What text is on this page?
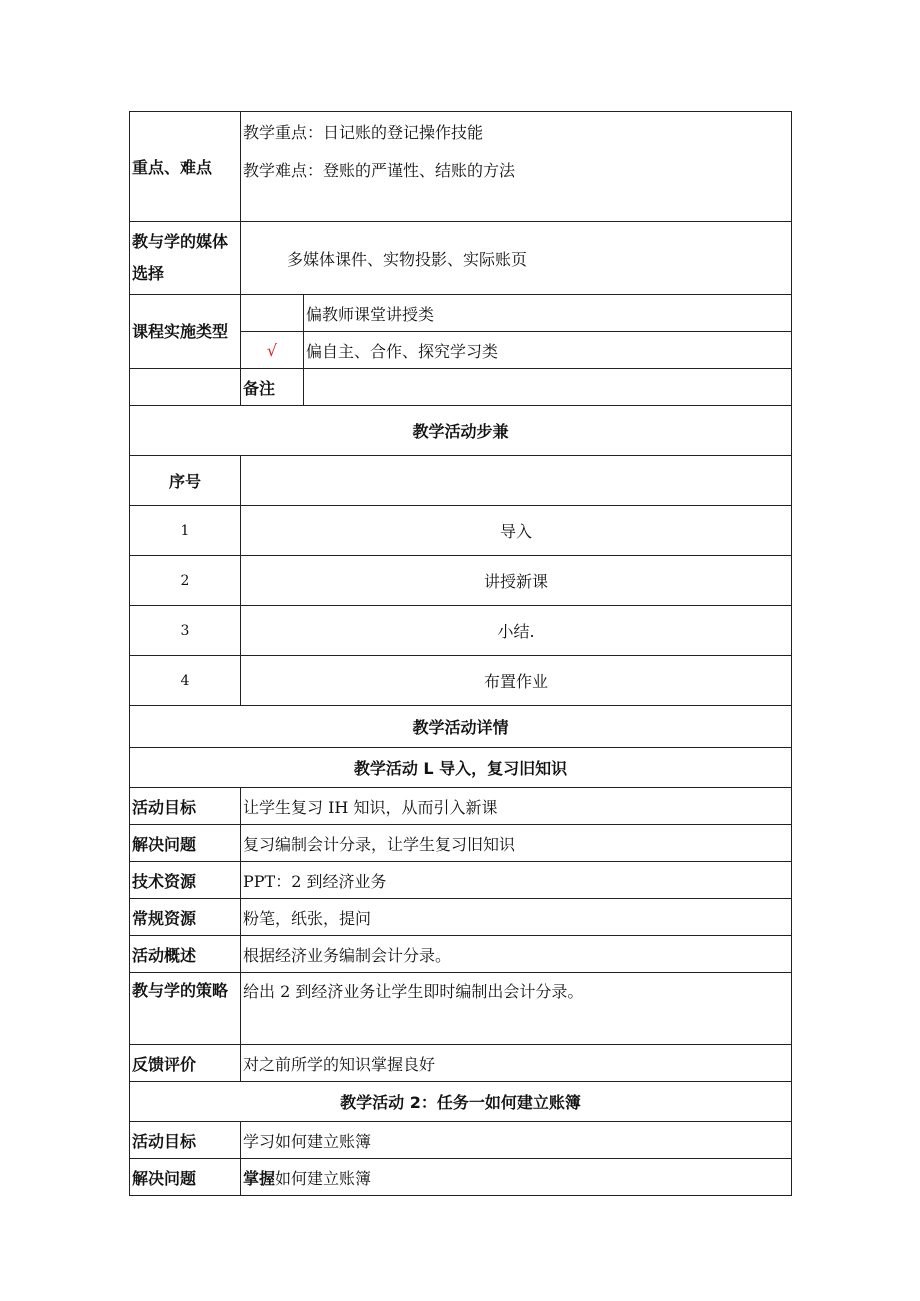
重点、难点	教学重点：日记账的登记操作技能
教学难点：登账的严谨性、结账的方法	

教与学的媒体选择	多媒体课件、实物投影、实际账页	
课程实施类型		偏教师课堂讲授类
	√	偏自主、合作、探究学习类
	备注	
教学活动步兼		
序号		
1	导入	
2	讲授新课	
3	小结.	
4	布置作业	
教学活动详情		
教学活动 L 导入，复习旧知识		
活动目标	让学生复习 IH 知识，从而引入新课	
解决问题	复习编制会计分录，让学生复习旧知识	
技术资源	PPT：2 到经济业务	
常规资源	粉笔，纸张，提问	
活动概述	根据经济业务编制会计分录。	
教与学的策略	给出 2 到经济业务让学生即时编制出会计分录。	
反馈评价	对之前所学的知识掌握良好	
教学活动 2：任务一如何建立账簿		
活动目标	学习如何建立账簿	
解决问题	掌握如何建立账簿	
